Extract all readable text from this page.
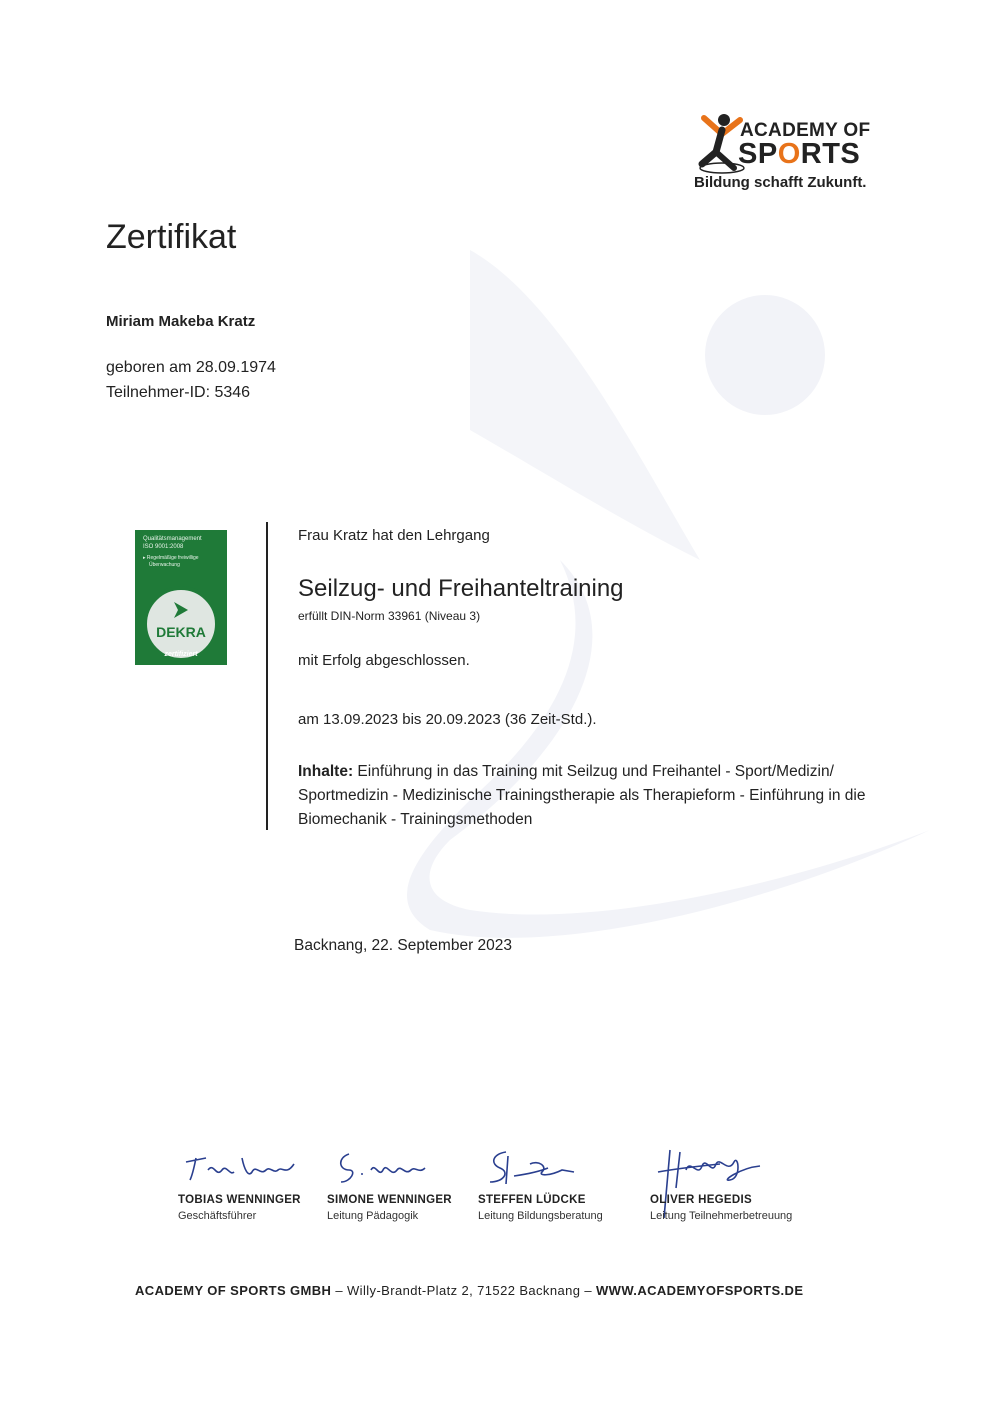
ACADEMY OF
SPORTS
Bildung schafft Zukunft.
Zertifikat
Miriam Makeba Kratz
geboren am 28.09.1974
Teilnehmer-ID: 5346
Qualitätsmanagement
ISO 9001:2008
▸ Regelmäßige freiwillige
Überwachung
DEKRA
zertifiziert
Frau Kratz hat den Lehrgang
Seilzug- und Freihanteltraining
erfüllt DIN-Norm 33961 (Niveau 3)
mit Erfolg abgeschlossen.
am 13.09.2023 bis 20.09.2023 (36 Zeit-Std.).
Inhalte: Einführung in das Training mit Seilzug und Freihantel - Sport/Medizin/ Sportmedizin - Medizinische Trainingstherapie als Therapieform - Einführung in die Biomechanik - Trainingsmethoden
Backnang, 22. September 2023
TOBIAS WENNINGER
Geschäftsführer
SIMONE WENNINGER
Leitung Pädagogik
STEFFEN LÜDCKE
Leitung Bildungsberatung
OLIVER HEGEDIS
Leitung Teilnehmerbetreuung
ACADEMY OF SPORTS GMBH – Willy-Brandt-Platz 2, 71522 Backnang – WWW.ACADEMYOFSPORTS.DE
